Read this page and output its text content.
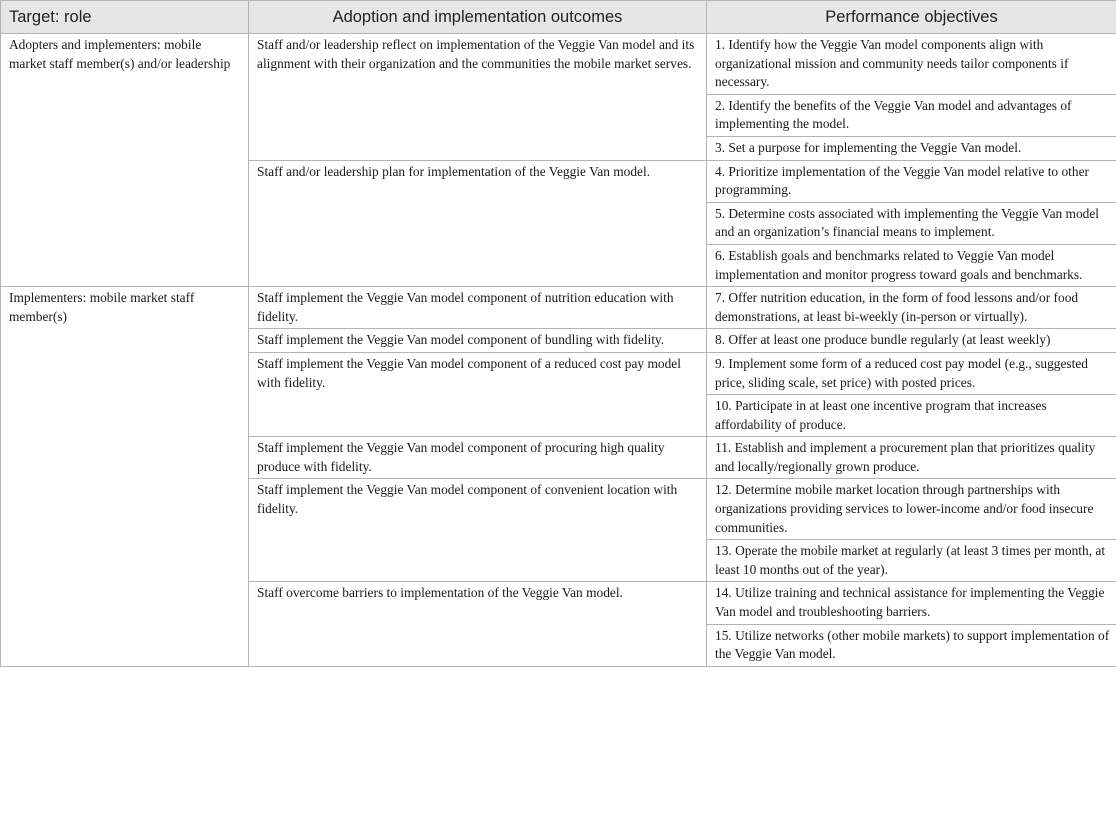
Target: role	Adoption and implementation outcomes	Performance objectives
Adopters and implementers: mobile market staff member(s) and/or leadership	Staff and/or leadership reflect on implementation of the Veggie Van model and its alignment with their organization and the communities the mobile market serves.	1. Identify how the Veggie Van model components align with organizational mission and community needs tailor components if necessary.
		2. Identify the benefits of the Veggie Van model and advantages of implementing the model.
		3. Set a purpose for implementing the Veggie Van model.
	Staff and/or leadership plan for implementation of the Veggie Van model.	4. Prioritize implementation of the Veggie Van model relative to other programming.
		5. Determine costs associated with implementing the Veggie Van model and an organization’s financial means to implement.
		6. Establish goals and benchmarks related to Veggie Van model implementation and monitor progress toward goals and benchmarks.
Implementers: mobile market staff member(s)	Staff implement the Veggie Van model component of nutrition education with fidelity.	7. Offer nutrition education, in the form of food lessons and/or food demonstrations, at least bi-weekly (in-person or virtually).
	Staff implement the Veggie Van model component of bundling with fidelity.	8. Offer at least one produce bundle regularly (at least weekly)
	Staff implement the Veggie Van model component of a reduced cost pay model with fidelity.	9. Implement some form of a reduced cost pay model (e.g., suggested price, sliding scale, set price) with posted prices.
		10. Participate in at least one incentive program that increases affordability of produce.
	Staff implement the Veggie Van model component of procuring high quality produce with fidelity.	11. Establish and implement a procurement plan that prioritizes quality and locally/regionally grown produce.
	Staff implement the Veggie Van model component of convenient location with fidelity.	12. Determine mobile market location through partnerships with organizations providing services to lower-income and/or food insecure communities.
		13. Operate the mobile market at regularly (at least 3 times per month, at least 10 months out of the year).
	Staff overcome barriers to implementation of the Veggie Van model.	14. Utilize training and technical assistance for implementing the Veggie Van model and troubleshooting barriers.
		15. Utilize networks (other mobile markets) to support implementation of the Veggie Van model.
